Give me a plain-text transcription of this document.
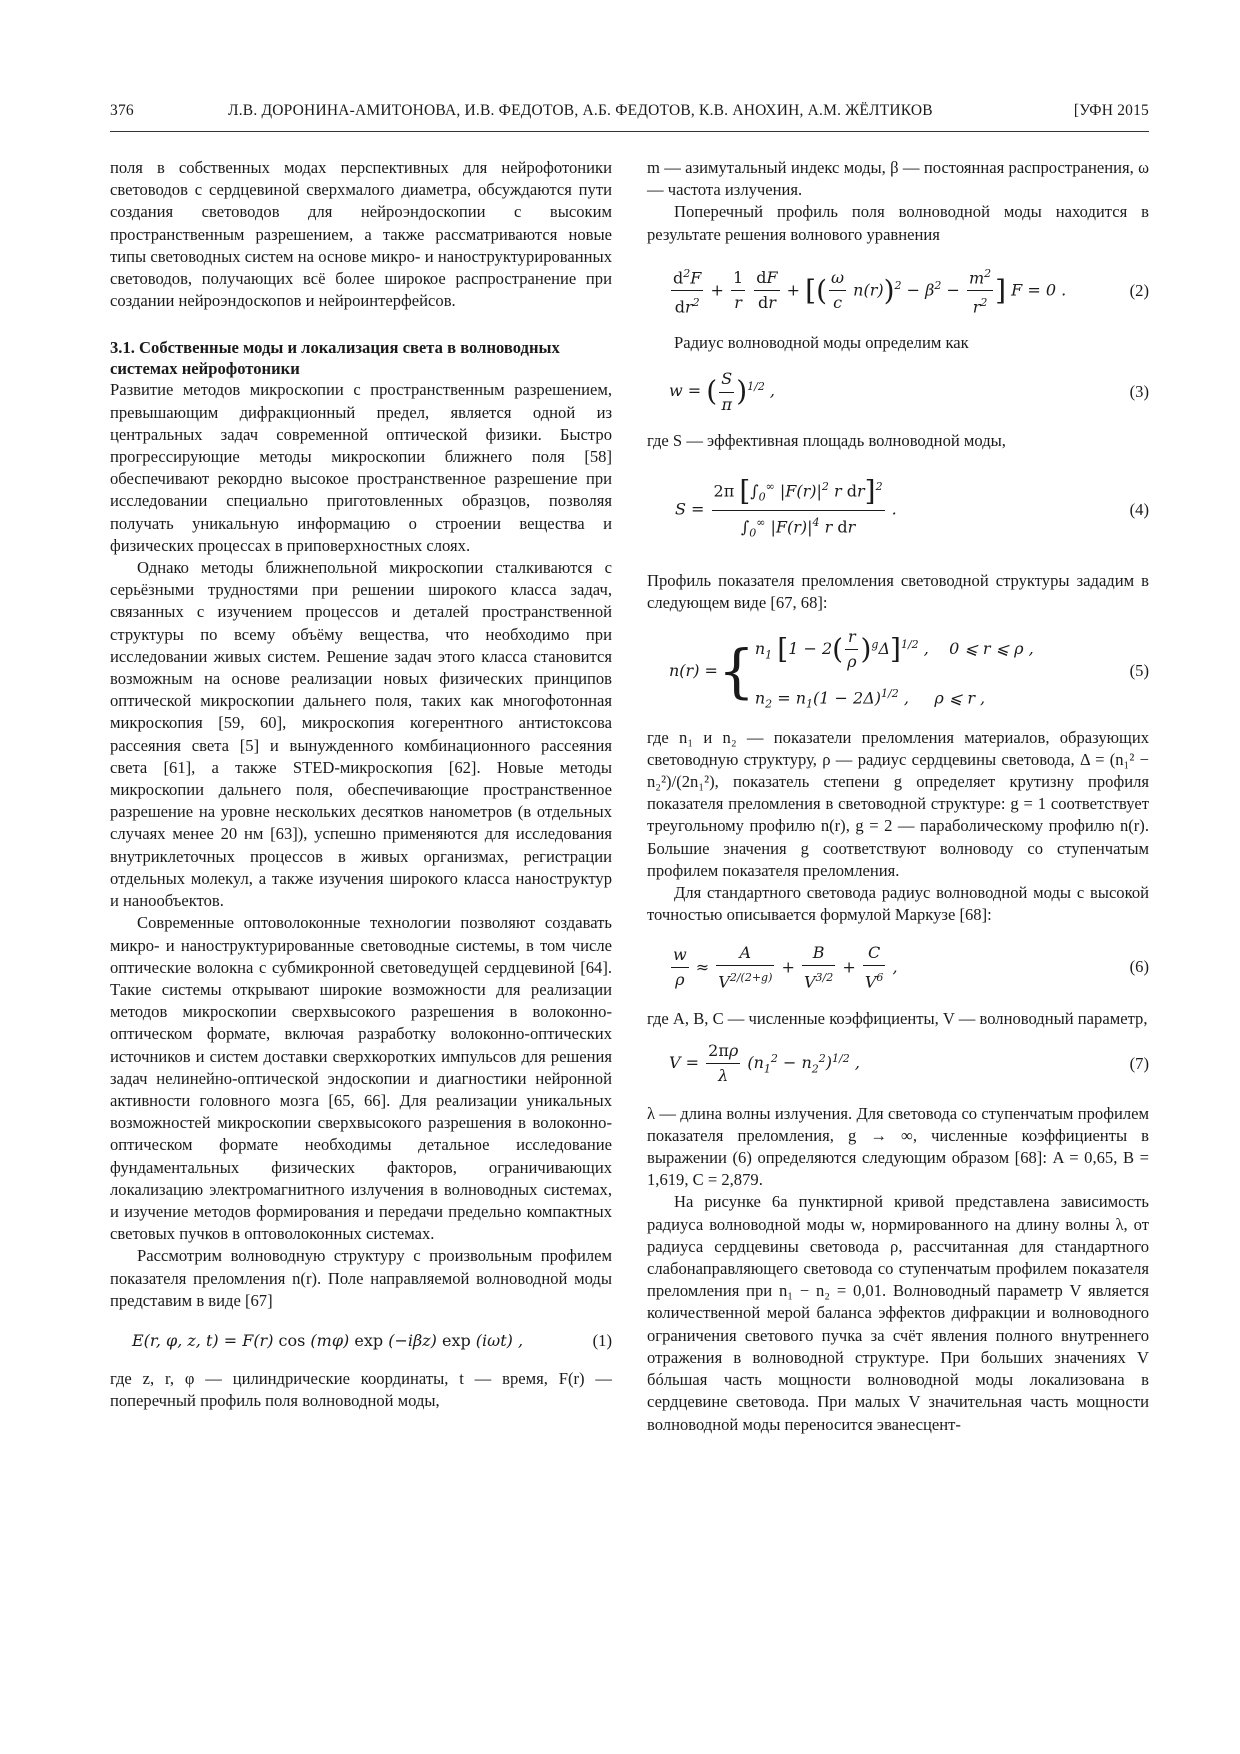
376	Л.В. ДОРОНИНА-АМИТОНОВА, И.В. ФЕДОТОВ, А.Б. ФЕДОТОВ, К.В. АНОХИН, А.М. ЖЁЛТИКОВ	[УФН 2015

поля в собственных модах перспективных для нейрофотоники световодов с сердцевиной сверхмалого диаметра, обсуждаются пути создания световодов для нейроэндоскопии с высоким пространственным разрешением, а также рассматриваются новые типы световодных систем на основе микро- и наноструктурированных световодов, получающих всё более широкое распространение при создании нейроэндоскопов и нейроинтерфейсов.

3.1. Собственные моды и локализация света в волноводных системах нейрофотоники

Развитие методов микроскопии с пространственным разрешением, превышающим дифракционный предел, является одной из центральных задач современной оптической физики. Быстро прогрессирующие методы микроскопии ближнего поля [58] обеспечивают рекордно высокое пространственное разрешение при исследовании специально приготовленных образцов, позволяя получать уникальную информацию о строении вещества и физических процессах в приповерхностных слоях.

Однако методы ближнепольной микроскопии сталкиваются с серьёзными трудностями при решении широкого класса задач, связанных с изучением процессов и деталей пространственной структуры по всему объёму вещества, что необходимо при исследовании живых систем. Решение задач этого класса становится возможным на основе реализации новых физических принципов оптической микроскопии дальнего поля, таких как многофотонная микроскопия [59, 60], микроскопия когерентного антистоксова рассеяния света [5] и вынужденного комбинационного рассеяния света [61], а также STED-микроскопия [62]. Новые методы микроскопии дальнего поля, обеспечивающие пространственное разрешение на уровне нескольких десятков нанометров (в отдельных случаях менее 20 нм [63]), успешно применяются для исследования внутриклеточных процессов в живых организмах, регистрации отдельных молекул, а также изучения широкого класса наноструктур и нанообъектов.

Современные оптоволоконные технологии позволяют создавать микро- и наноструктурированные световодные системы, в том числе оптические волокна с субмикронной световедущей сердцевиной [64]. Такие системы открывают широкие возможности для реализации методов микроскопии сверхвысокого разрешения в волоконно-оптическом формате, включая разработку волоконно-оптических источников и систем доставки сверхкоротких импульсов для решения задач нелинейно-оптической эндоскопии и диагностики нейронной активности головного мозга [65, 66]. Для реализации уникальных возможностей микроскопии сверхвысокого разрешения в волоконно-оптическом формате необходимы детальное исследование фундаментальных физических факторов, ограничивающих локализацию электромагнитного излучения в волноводных системах, и изучение методов формирования и передачи предельно компактных световых пучков в оптоволоконных системах.

Рассмотрим волноводную структуру с произвольным профилем показателя преломления n(r). Поле направляемой волноводной моды представим в виде [67]

E(r, φ, z, t) = F(r) cos (mφ) exp (−iβz) exp (iωt) ,	(1)

где z, r, φ — цилиндрические координаты, t — время, F(r) — поперечный профиль поля волноводной моды,

m — азимутальный индекс моды, β — постоянная распространения, ω — частота излучения.

Поперечный профиль поля волноводной моды находится в результате решения волнового уравнения

$\frac{d^2F}{dr^2} + \frac{1}{r}$
$\frac{dF}{dr}$ + [( $\frac{\omega}{c} n(r))^2 - \beta^2 - \frac{m^2}{r^2}$ ] F = 0 .	(2)

Радиус волноводной моды определим как

w = ( $\frac{S}{\pi} )^{1/2}$ ,	(3)

где S — эффективная площадь волноводной моды,

$S = \frac{2\pi [\int_0^\infty |F(r)|^2 r dr]^2}{\int_0^\infty |F(r)|^4 r dr}$ .	(4)

Профиль показателя преломления световодной структуры зададим в следующем виде [67, 68]:

n(r) = { $n_1$ $[1 - 2( \frac{r}{\rho} )^g\Delta]^{1/2}$ ,    0 ⩽ r ⩽ ρ ,
$n_2 = n_1(1 - 2\Delta)^{1/2}$ ,     ρ ⩽ r ,
(5)

где n₁ и n₂ — показатели преломления материалов, образующих световодную структуру, ρ — радиус сердцевины световода, Δ = (n₁² − n₂²)/(2n₁²), показатель степени g определяет крутизну профиля показателя преломления в световодной структуре: g = 1 соответствует треугольному профилю n(r), g = 2 — параболическому профилю n(r). Большие значения g соответствуют волноводу со ступенчатым профилем показателя преломления.

Для стандартного световода радиус волноводной моды с высокой точностью описывается формулой Маркузе [68]:

$\frac{w}{\rho} \approx \frac{A}{V^{2/(2+g)}} + \frac{B}{V^{3/2}} + \frac{C}{V^6}$ ,	(6)

где A, B, C — численные коэффициенты, V — волноводный параметр,

$V = \frac{2\pi\rho}{\lambda} (n_1^2 - n_2^2)^{1/2}$ ,	(7)

λ — длина волны излучения. Для световода со ступенчатым профилем показателя преломления, g → ∞, численные коэффициенты в выражении (6) определяются следующим образом [68]: A = 0,65, B = 1,619, C = 2,879.

На рисунке 6а пунктирной кривой представлена зависимость радиуса волноводной моды w, нормированного на длину волны λ, от радиуса сердцевины световода ρ, рассчитанная для стандартного слабонаправляющего световода со ступенчатым профилем показателя преломления при n₁ − n₂ = 0,01. Волноводный параметр V является количественной мерой баланса эффектов дифракции и волноводного ограничения светового пучка за счёт явления полного внутреннего отражения в волноводной структуре. При больших значениях V бóльшая часть мощности волноводной моды локализована в сердцевине световода. При малых V значительная часть мощности волноводной моды переносится эванесцент-
